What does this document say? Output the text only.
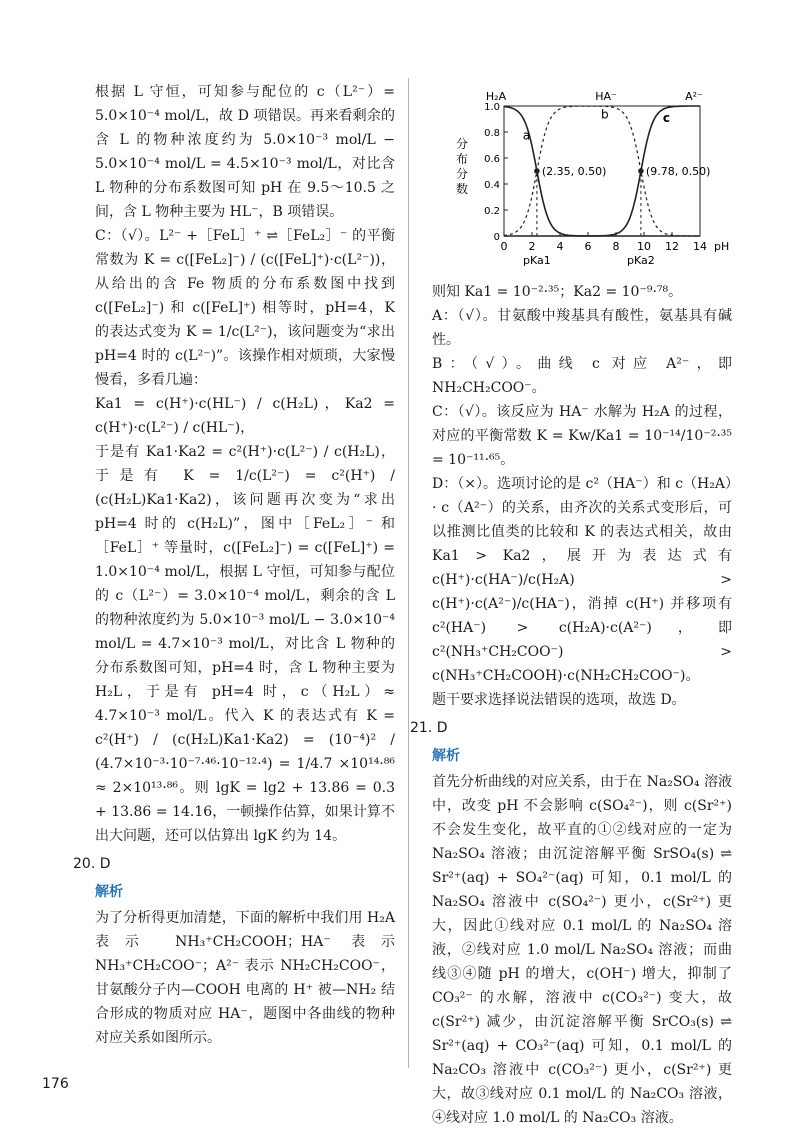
根据 L 守恒，可知参与配位的 c（L²⁻）= 5.0×10⁻⁴ mol/L，故 D 项错误。再来看剩余的含 L 的物种浓度约为 5.0×10⁻³ mol/L − 5.0×10⁻⁴ mol/L = 4.5×10⁻³ mol/L，对比含 L 物种的分布系数图可知 pH 在 9.5～10.5 之间，含 L 物种主要为 HL⁻，B 项错误。

C：（√）。L²⁻ +［FeL］⁺ ⇌［FeL₂］⁻ 的平衡常数为 K = c([FeL₂]⁻) / (c([FeL]⁺)·c(L²⁻))，从给出的含 Fe 物质的分布系数图中找到 c([FeL₂]⁻) 和 c([FeL]⁺) 相等时，pH=4，K 的表达式变为 K = 1/c(L²⁻)，该问题变为“求出 pH=4 时的 c(L²⁻)”。该操作相对烦琐，大家慢慢看，多看几遍：

Ka1 = c(H⁺)·c(HL⁻) / c(H₂L)，Ka2 = c(H⁺)·c(L²⁻) / c(HL⁻)，

于是有 Ka1·Ka2 = c²(H⁺)·c(L²⁻) / c(H₂L)，于是有 K = 1/c(L²⁻) = c²(H⁺) / (c(H₂L)Ka1·Ka2)，该问题再次变为“求出 pH=4 时的 c(H₂L)”，图中［FeL₂］⁻ 和［FeL］⁺ 等量时，c([FeL₂]⁻) = c([FeL]⁺) = 1.0×10⁻⁴ mol/L，根据 L 守恒，可知参与配位的 c（L²⁻）= 3.0×10⁻⁴ mol/L，剩余的含 L 的物种浓度约为 5.0×10⁻³ mol/L − 3.0×10⁻⁴ mol/L = 4.7×10⁻³ mol/L，对比含 L 物种的分布系数图可知，pH=4 时，含 L 物种主要为 H₂L，于是有 pH=4 时，c（H₂L）≈ 4.7×10⁻³ mol/L。代入 K 的表达式有 K = c²(H⁺) / (c(H₂L)Ka1·Ka2) = (10⁻⁴)² / (4.7×10⁻³·10⁻⁷·⁴⁶·10⁻¹²·⁴) = 1/4.7 ×10¹⁴·⁸⁶ ≈ 2×10¹³·⁸⁶。则 lgK = lg2 + 13.86 = 0.3 + 13.86 = 14.16，一顿操作估算，如果计算不出大问题，还可以估算出 lgK 约为 14。

20. D
解析

为了分析得更加清楚，下面的解析中我们用 H₂A 表示 NH₃⁺CH₂COOH；HA⁻ 表示 NH₃⁺CH₂COO⁻；A²⁻ 表示 NH₂CH₂COO⁻，甘氨酸分子内—COOH 电离的 H⁺ 被—NH₂ 结合形成的物质对应 HA⁻，题图中各曲线的物种对应关系如图所示。

0 2 4 6 8 10 12 14 pH
0
0.2
0.4
0.6
0.8
1.0
分
布
分
数
H₂A	HA⁻	A²⁻
pKa1	pKa2
a
b	c
(2.35, 0.50)	(9.78, 0.50)

则知 Ka1 = 10⁻²·³⁵；Ka2 = 10⁻⁹·⁷⁸。

A：（√）。甘氨酸中羧基具有酸性，氨基具有碱性。

B：（√）。曲线 c 对应 A²⁻，即 NH₂CH₂COO⁻。

C：（√）。该反应为 HA⁻ 水解为 H₂A 的过程，对应的平衡常数 K = Kw/Ka1 = 10⁻¹⁴/10⁻²·³⁵ = 10⁻¹¹·⁶⁵。

D：（×）。选项讨论的是 c²（HA⁻）和 c（H₂A）· c（A²⁻）的关系，由齐次的关系式变形后，可以推测比值类的比较和 K 的表达式相关，故由 Ka1 > Ka2，展开为表达式有 c(H⁺)·c(HA⁻)/c(H₂A) > c(H⁺)·c(A²⁻)/c(HA⁻)，消掉 c(H⁺) 并移项有 c²(HA⁻) > c(H₂A)·c(A²⁻)，即 c²(NH₃⁺CH₂COO⁻) > c(NH₃⁺CH₂COOH)·c(NH₂CH₂COO⁻)。

题干要求选择说法错误的选项，故选 D。

21. D
解析

首先分析曲线的对应关系，由于在 Na₂SO₄ 溶液中，改变 pH 不会影响 c(SO₄²⁻)，则 c(Sr²⁺) 不会发生变化，故平直的①②线对应的一定为 Na₂SO₄ 溶液；由沉淀溶解平衡 SrSO₄(s) ⇌ Sr²⁺(aq) + SO₄²⁻(aq) 可知，0.1 mol/L 的 Na₂SO₄ 溶液中 c(SO₄²⁻) 更小，c(Sr²⁺) 更大，因此①线对应 0.1 mol/L 的 Na₂SO₄ 溶液，②线对应 1.0 mol/L Na₂SO₄ 溶液；而曲线③④随 pH 的增大，c(OH⁻) 增大，抑制了 CO₃²⁻ 的水解，溶液中 c(CO₃²⁻) 变大，故 c(Sr²⁺) 减少，由沉淀溶解平衡 SrCO₃(s) ⇌ Sr²⁺(aq) + CO₃²⁻(aq) 可知，0.1 mol/L 的 Na₂CO₃ 溶液中 c(CO₃²⁻) 更小，c(Sr²⁺) 更大，故③线对应 0.1 mol/L 的 Na₂CO₃ 溶液，④线对应 1.0 mol/L 的 Na₂CO₃ 溶液。

176
